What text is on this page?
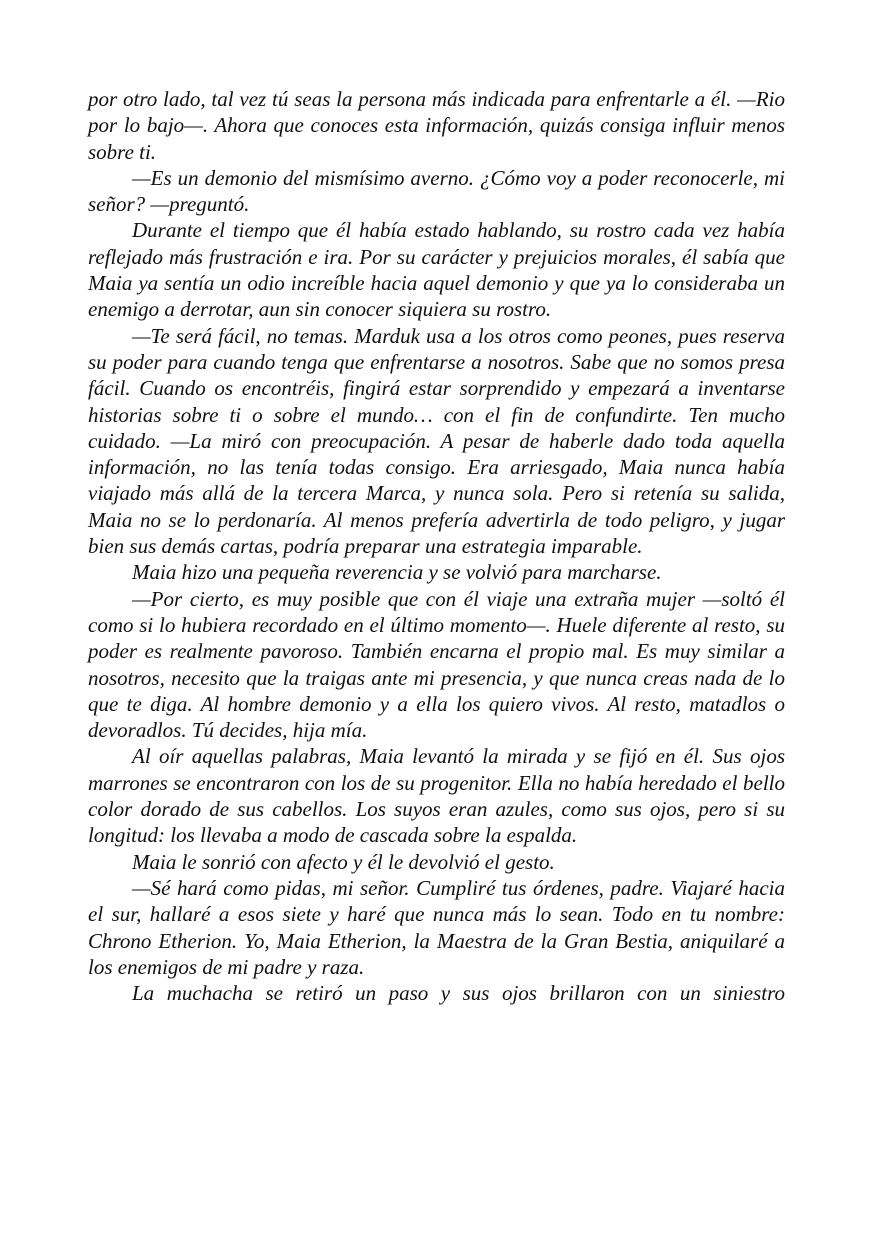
por otro lado, tal vez tú seas la persona más indicada para enfrentarle a él. —Rio por lo bajo—. Ahora que conoces esta información, quizás consiga influir menos sobre ti.

—Es un demonio del mismísimo averno. ¿Cómo voy a poder reconocerle, mi señor? —preguntó.

Durante el tiempo que él había estado hablando, su rostro cada vez había reflejado más frustración e ira. Por su carácter y prejuicios morales, él sabía que Maia ya sentía un odio increíble hacia aquel demonio y que ya lo consideraba un enemigo a derrotar, aun sin conocer siquiera su rostro.

—Te será fácil, no temas. Marduk usa a los otros como peones, pues reserva su poder para cuando tenga que enfrentarse a nosotros. Sabe que no somos presa fácil. Cuando os encontréis, fingirá estar sorprendido y empezará a inventarse historias sobre ti o sobre el mundo… con el fin de confundirte. Ten mucho cuidado. —La miró con preocupación. A pesar de haberle dado toda aquella información, no las tenía todas consigo. Era arriesgado, Maia nunca había viajado más allá de la tercera Marca, y nunca sola. Pero si retenía su salida, Maia no se lo perdonaría. Al menos prefería advertirla de todo peligro, y jugar bien sus demás cartas, podría preparar una estrategia imparable.

Maia hizo una pequeña reverencia y se volvió para marcharse.

—Por cierto, es muy posible que con él viaje una extraña mujer —soltó él como si lo hubiera recordado en el último momento—. Huele diferente al resto, su poder es realmente pavoroso. También encarna el propio mal. Es muy similar a nosotros, necesito que la traigas ante mi presencia, y que nunca creas nada de lo que te diga. Al hombre demonio y a ella los quiero vivos. Al resto, matadlos o devoradlos. Tú decides, hija mía.

Al oír aquellas palabras, Maia levantó la mirada y se fijó en él. Sus ojos marrones se encontraron con los de su progenitor. Ella no había heredado el bello color dorado de sus cabellos. Los suyos eran azules, como sus ojos, pero si su longitud: los llevaba a modo de cascada sobre la espalda.

Maia le sonrió con afecto y él le devolvió el gesto.

—Sé hará como pidas, mi señor. Cumpliré tus órdenes, padre. Viajaré hacia el sur, hallaré a esos siete y haré que nunca más lo sean. Todo en tu nombre: Chrono Etherion. Yo, Maia Etherion, la Maestra de la Gran Bestia, aniquilaré a los enemigos de mi padre y raza.

La muchacha se retiró un paso y sus ojos brillaron con un siniestro
